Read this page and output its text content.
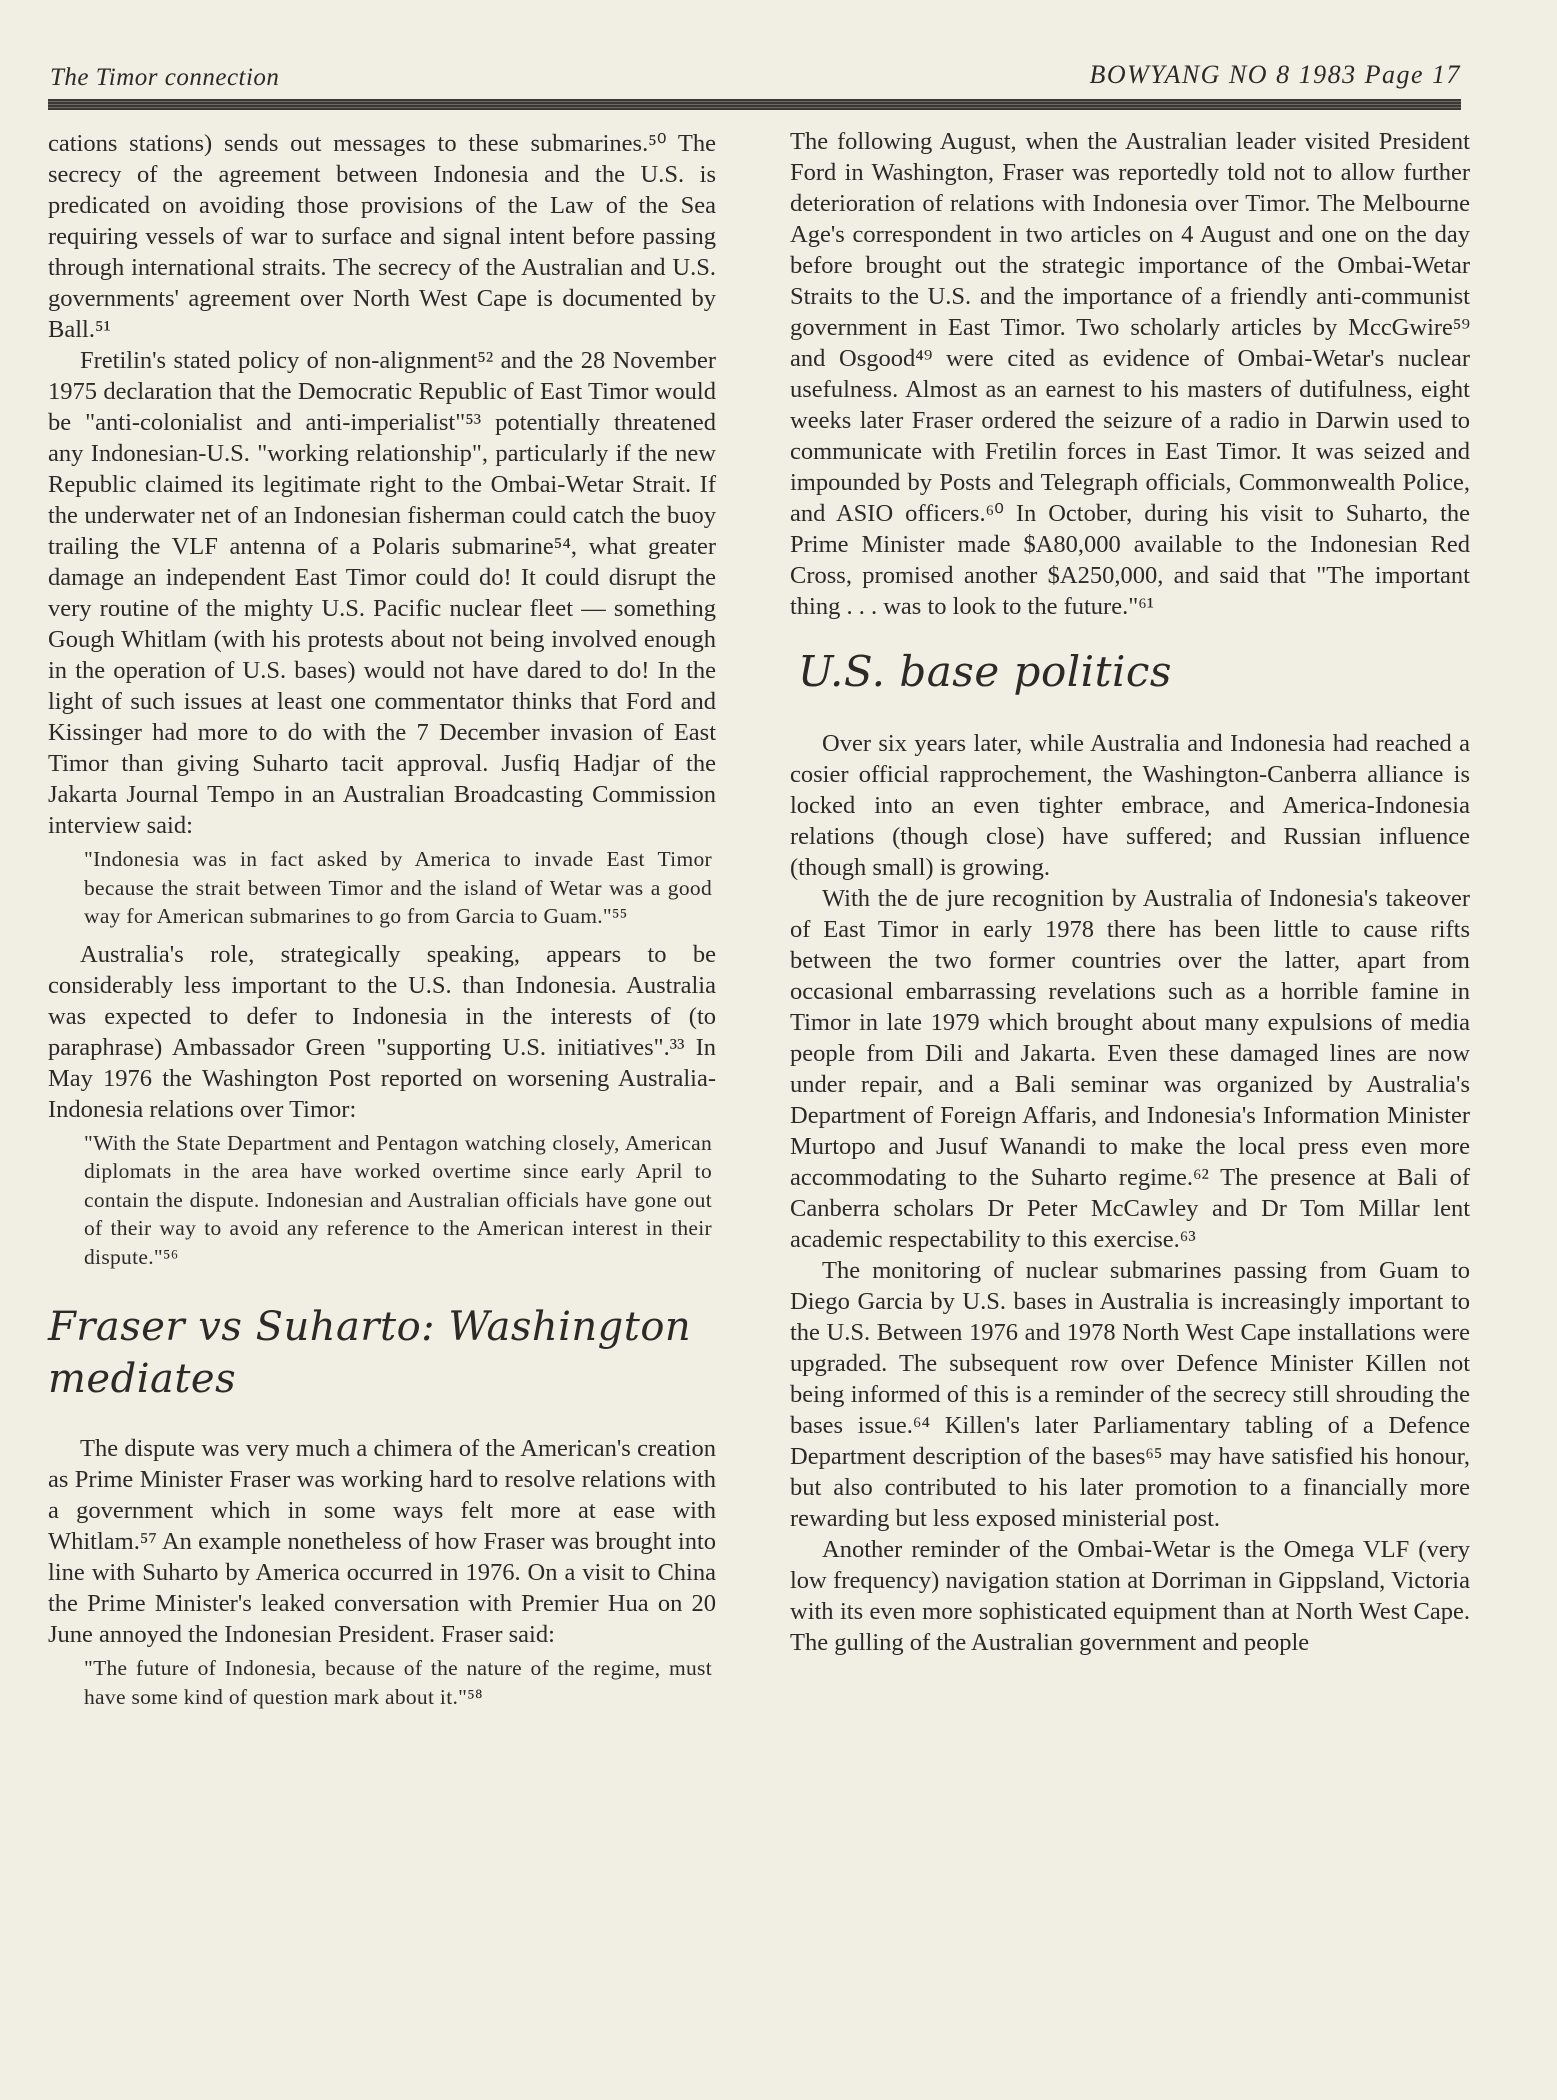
The Timor connection	BOWYANG NO 8 1983 Page 17

cations stations) sends out messages to these submarines.⁵⁰ The secrecy of the agreement between Indonesia and the U.S. is predicated on avoiding those provisions of the Law of the Sea requiring vessels of war to surface and signal intent before passing through international straits. The secrecy of the Australian and U.S. governments' agreement over North West Cape is documented by Ball.⁵¹

Fretilin's stated policy of non-alignment⁵² and the 28 November 1975 declaration that the Democratic Republic of East Timor would be "anti-colonialist and anti-imperialist"⁵³ potentially threatened any Indonesian-U.S. "working relationship", particularly if the new Republic claimed its legitimate right to the Ombai-Wetar Strait. If the underwater net of an Indonesian fisherman could catch the buoy trailing the VLF antenna of a Polaris submarine⁵⁴, what greater damage an independent East Timor could do! It could disrupt the very routine of the mighty U.S. Pacific nuclear fleet — something Gough Whitlam (with his protests about not being involved enough in the operation of U.S. bases) would not have dared to do! In the light of such issues at least one commentator thinks that Ford and Kissinger had more to do with the 7 December invasion of East Timor than giving Suharto tacit approval. Jusfiq Hadjar of the Jakarta Journal Tempo in an Australian Broadcasting Commission interview said:

"Indonesia was in fact asked by America to invade East Timor because the strait between Timor and the island of Wetar was a good way for American submarines to go from Garcia to Guam."⁵⁵

Australia's role, strategically speaking, appears to be considerably less important to the U.S. than Indonesia. Australia was expected to defer to Indonesia in the interests of (to paraphrase) Ambassador Green "supporting U.S. initiatives".³³ In May 1976 the Washington Post reported on worsening Australia-Indonesia relations over Timor:

"With the State Department and Pentagon watching closely, American diplomats in the area have worked overtime since early April to contain the dispute. Indonesian and Australian officials have gone out of their way to avoid any reference to the American interest in their dispute."⁵⁶
Fraser vs Suharto: Washington mediates

The dispute was very much a chimera of the American's creation as Prime Minister Fraser was working hard to resolve relations with a government which in some ways felt more at ease with Whitlam.⁵⁷ An example nonetheless of how Fraser was brought into line with Suharto by America occurred in 1976. On a visit to China the Prime Minister's leaked conversation with Premier Hua on 20 June annoyed the Indonesian President. Fraser said:

"The future of Indonesia, because of the nature of the regime, must have some kind of question mark about it."⁵⁸

The following August, when the Australian leader visited President Ford in Washington, Fraser was reportedly told not to allow further deterioration of relations with Indonesia over Timor. The Melbourne Age's correspondent in two articles on 4 August and one on the day before brought out the strategic importance of the Ombai-Wetar Straits to the U.S. and the importance of a friendly anti-communist government in East Timor. Two scholarly articles by MccGwire⁵⁹ and Osgood⁴⁹ were cited as evidence of Ombai-Wetar's nuclear usefulness. Almost as an earnest to his masters of dutifulness, eight weeks later Fraser ordered the seizure of a radio in Darwin used to communicate with Fretilin forces in East Timor. It was seized and impounded by Posts and Telegraph officials, Commonwealth Police, and ASIO officers.⁶⁰ In October, during his visit to Suharto, the Prime Minister made $A80,000 available to the Indonesian Red Cross, promised another $A250,000, and said that "The important thing . . . was to look to the future."⁶¹

U.S. base politics

Over six years later, while Australia and Indonesia had reached a cosier official rapprochement, the Washington-Canberra alliance is locked into an even tighter embrace, and America-Indonesia relations (though close) have suffered; and Russian influence (though small) is growing.

With the de jure recognition by Australia of Indonesia's takeover of East Timor in early 1978 there has been little to cause rifts between the two former countries over the latter, apart from occasional embarrassing revelations such as a horrible famine in Timor in late 1979 which brought about many expulsions of media people from Dili and Jakarta. Even these damaged lines are now under repair, and a Bali seminar was organized by Australia's Department of Foreign Affaris, and Indonesia's Information Minister Murtopo and Jusuf Wanandi to make the local press even more accommodating to the Suharto regime.⁶² The presence at Bali of Canberra scholars Dr Peter McCawley and Dr Tom Millar lent academic respectability to this exercise.⁶³

The monitoring of nuclear submarines passing from Guam to Diego Garcia by U.S. bases in Australia is increasingly important to the U.S. Between 1976 and 1978 North West Cape installations were upgraded. The subsequent row over Defence Minister Killen not being informed of this is a reminder of the secrecy still shrouding the bases issue.⁶⁴ Killen's later Parliamentary tabling of a Defence Department description of the bases⁶⁵ may have satisfied his honour, but also contributed to his later promotion to a financially more rewarding but less exposed ministerial post.

Another reminder of the Ombai-Wetar is the Omega VLF (very low frequency) navigation station at Dorriman in Gippsland, Victoria with its even more sophisticated equipment than at North West Cape. The gulling of the Australian government and people
